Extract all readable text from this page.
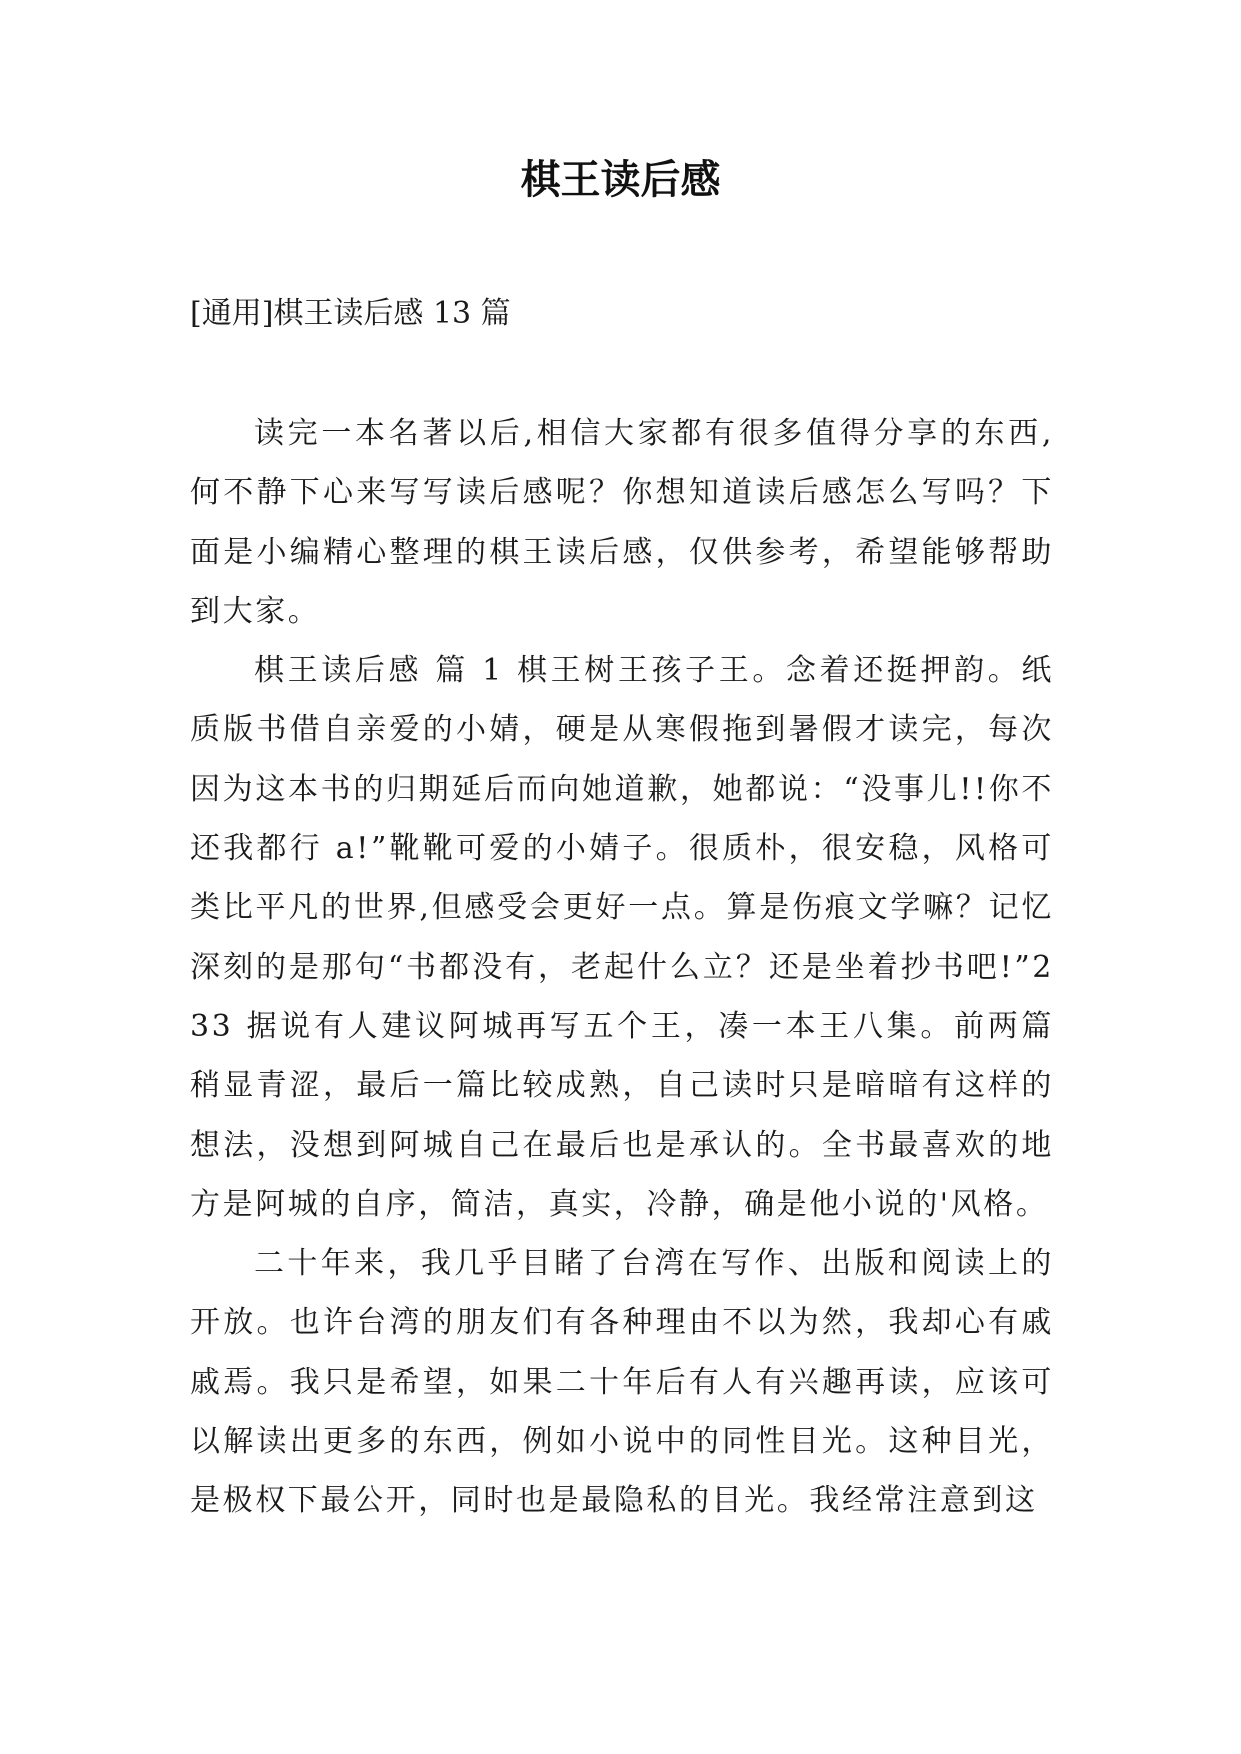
棋王读后感

[通用]棋王读后感 13 篇

读完一本名著以后,相信大家都有很多值得分享的东西,何不静下心来写写读后感呢？你想知道读后感怎么写吗？下面是小编精心整理的棋王读后感，仅供参考，希望能够帮助到大家。

棋王读后感 篇 1 棋王树王孩子王。念着还挺押韵。纸质版书借自亲爱的小婧，硬是从寒假拖到暑假才读完，每次因为这本书的归期延后而向她道歉，她都说：“没事儿!!你不还我都行 a!”靴靴可爱的小婧子。很质朴，很安稳，风格可类比平凡的世界,但感受会更好一点。算是伤痕文学嘛？记忆深刻的是那句“书都没有，老起什么立？还是坐着抄书吧!”233 据说有人建议阿城再写五个王，凑一本王八集。前两篇稍显青涩，最后一篇比较成熟，自己读时只是暗暗有这样的想法，没想到阿城自己在最后也是承认的。全书最喜欢的地方是阿城的自序，简洁，真实，冷静，确是他小说的'风格。

二十年来，我几乎目睹了台湾在写作、出版和阅读上的开放。也许台湾的朋友们有各种理由不以为然，我却心有戚戚焉。我只是希望，如果二十年后有人有兴趣再读，应该可以解读出更多的东西，例如小说中的同性目光。这种目光，是极权下最公开，同时也是最隐私的目光。我经常注意到这
